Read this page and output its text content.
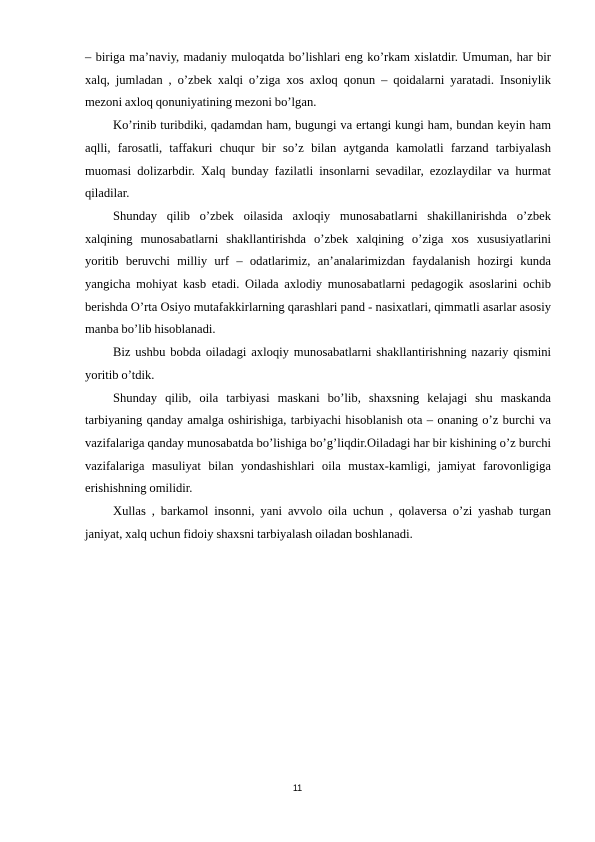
– biriga ma’naviy, madaniy muloqatda bo’lishlari eng ko’rkam xislatdir. Umuman, har bir xalq, jumladan , o’zbek xalqi o’ziga xos axloq qonun – qoidalarni yaratadi. Insoniylik mezoni axloq qonuniyatining mezoni bo’lgan.

Ko’rinib turibdiki, qadamdan ham, bugungi va ertangi kungi ham, bundan keyin ham aqlli, farosatli, taffakuri chuqur bir so’z bilan aytganda kamolatli farzand tarbiyalash muomasi dolizarbdir. Xalq bunday fazilatli insonlarni sevadilar, ezozlaydilar va hurmat qiladilar.

Shunday qilib o’zbek oilasida axloqiy munosabatlarni shakillanirishda o’zbek xalqining munosabatlarni shakllantirishda o’zbek xalqining o’ziga xos xususiyatlarini yoritib beruvchi milliy urf – odatlarimiz, an’analarimizdan faydalanish hozirgi kunda yangicha mohiyat kasb etadi. Oilada axlodiy munosabatlarni pedagogik asoslarini ochib berishda O’rta Osiyo mutafakkirlarning qarashlari pand - nasixatlari, qimmatli asarlar asosiy manba bo’lib hisoblanadi.

Biz ushbu bobda oiladagi axloqiy munosabatlarni shakllantirishning nazariy qismini yoritib o’tdik.

Shunday qilib, oila tarbiyasi maskani bo’lib, shaxsning kelajagi shu maskanda tarbiyaning qanday amalga oshirishiga, tarbiyachi hisoblanish ota – onaning o’z burchi va vazifalariga qanday munosabatda bo’lishiga bo’g’liqdir.Oiladagi har bir kishining o’z burchi vazifalariga masuliyat bilan yondashishlari oila mustax-kamligi, jamiyat farovonligiga erishishning omilidir.

Xullas , barkamol insonni, yani avvolo oila uchun , qolaversa o’zi yashab turgan janiyat, xalq uchun fidoiy shaxsni tarbiyalash oiladan boshlanadi.

11
